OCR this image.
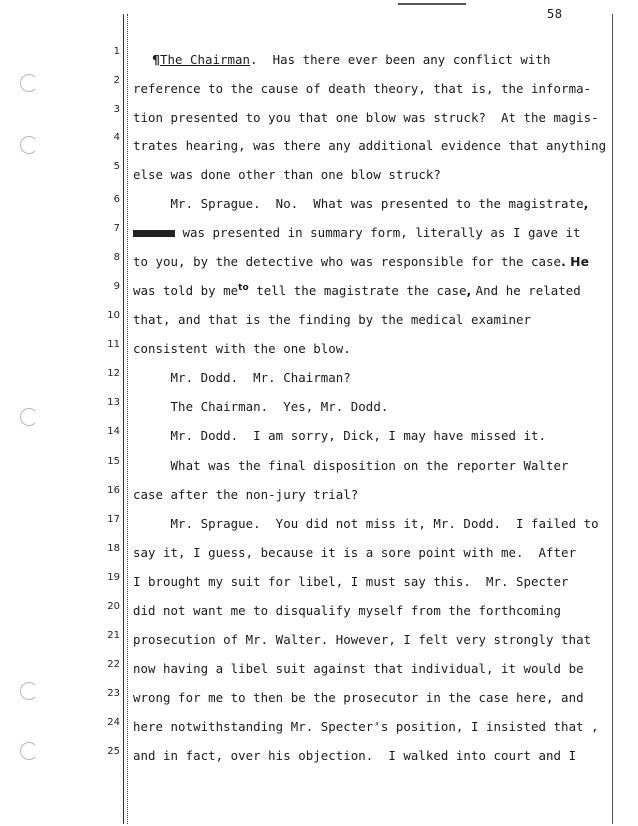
58
1
2
3
4
5
6
7
8
9
10
11
12
13
14
15
16
17
18
19
20
21
22
23
24
25
¶The Chairman.  Has there ever been any conflict with
reference to the cause of death theory, that is, the informa-
tion presented to you that one blow was struck?  At the magis-
trates hearing, was there any additional evidence that anything
else was done other than one blow struck?
Mr. Sprague.  No.  What was presented to the magistrate,
and it was presented in summary form, literally as I gave it
to you, by the detective who was responsible for the case. He
was told by $me^{to}$ tell the magistrate the case, And he related
that, and that is the finding by the medical examiner
consistent with the one blow.
Mr. Dodd.  Mr. Chairman?
The Chairman.  Yes, Mr. Dodd.
Mr. Dodd.  I am sorry, Dick, I may have missed it.
What was the final disposition on the reporter Walter
case after the non-jury trial?
Mr. Sprague.  You did not miss it, Mr. Dodd.  I failed to
say it, I guess, because it is a sore point with me.  After
I brought my suit for libel, I must say this.  Mr. Specter
did not want me to disqualify myself from the forthcoming
prosecution of Mr. Walter. However, I felt very strongly that
now having a libel suit against that individual, it would be
wrong for me to then be the prosecutor in the case here, and
here notwithstanding Mr. Specter's position, I insisted that ,
and in fact, over his objection.  I walked into court and I
